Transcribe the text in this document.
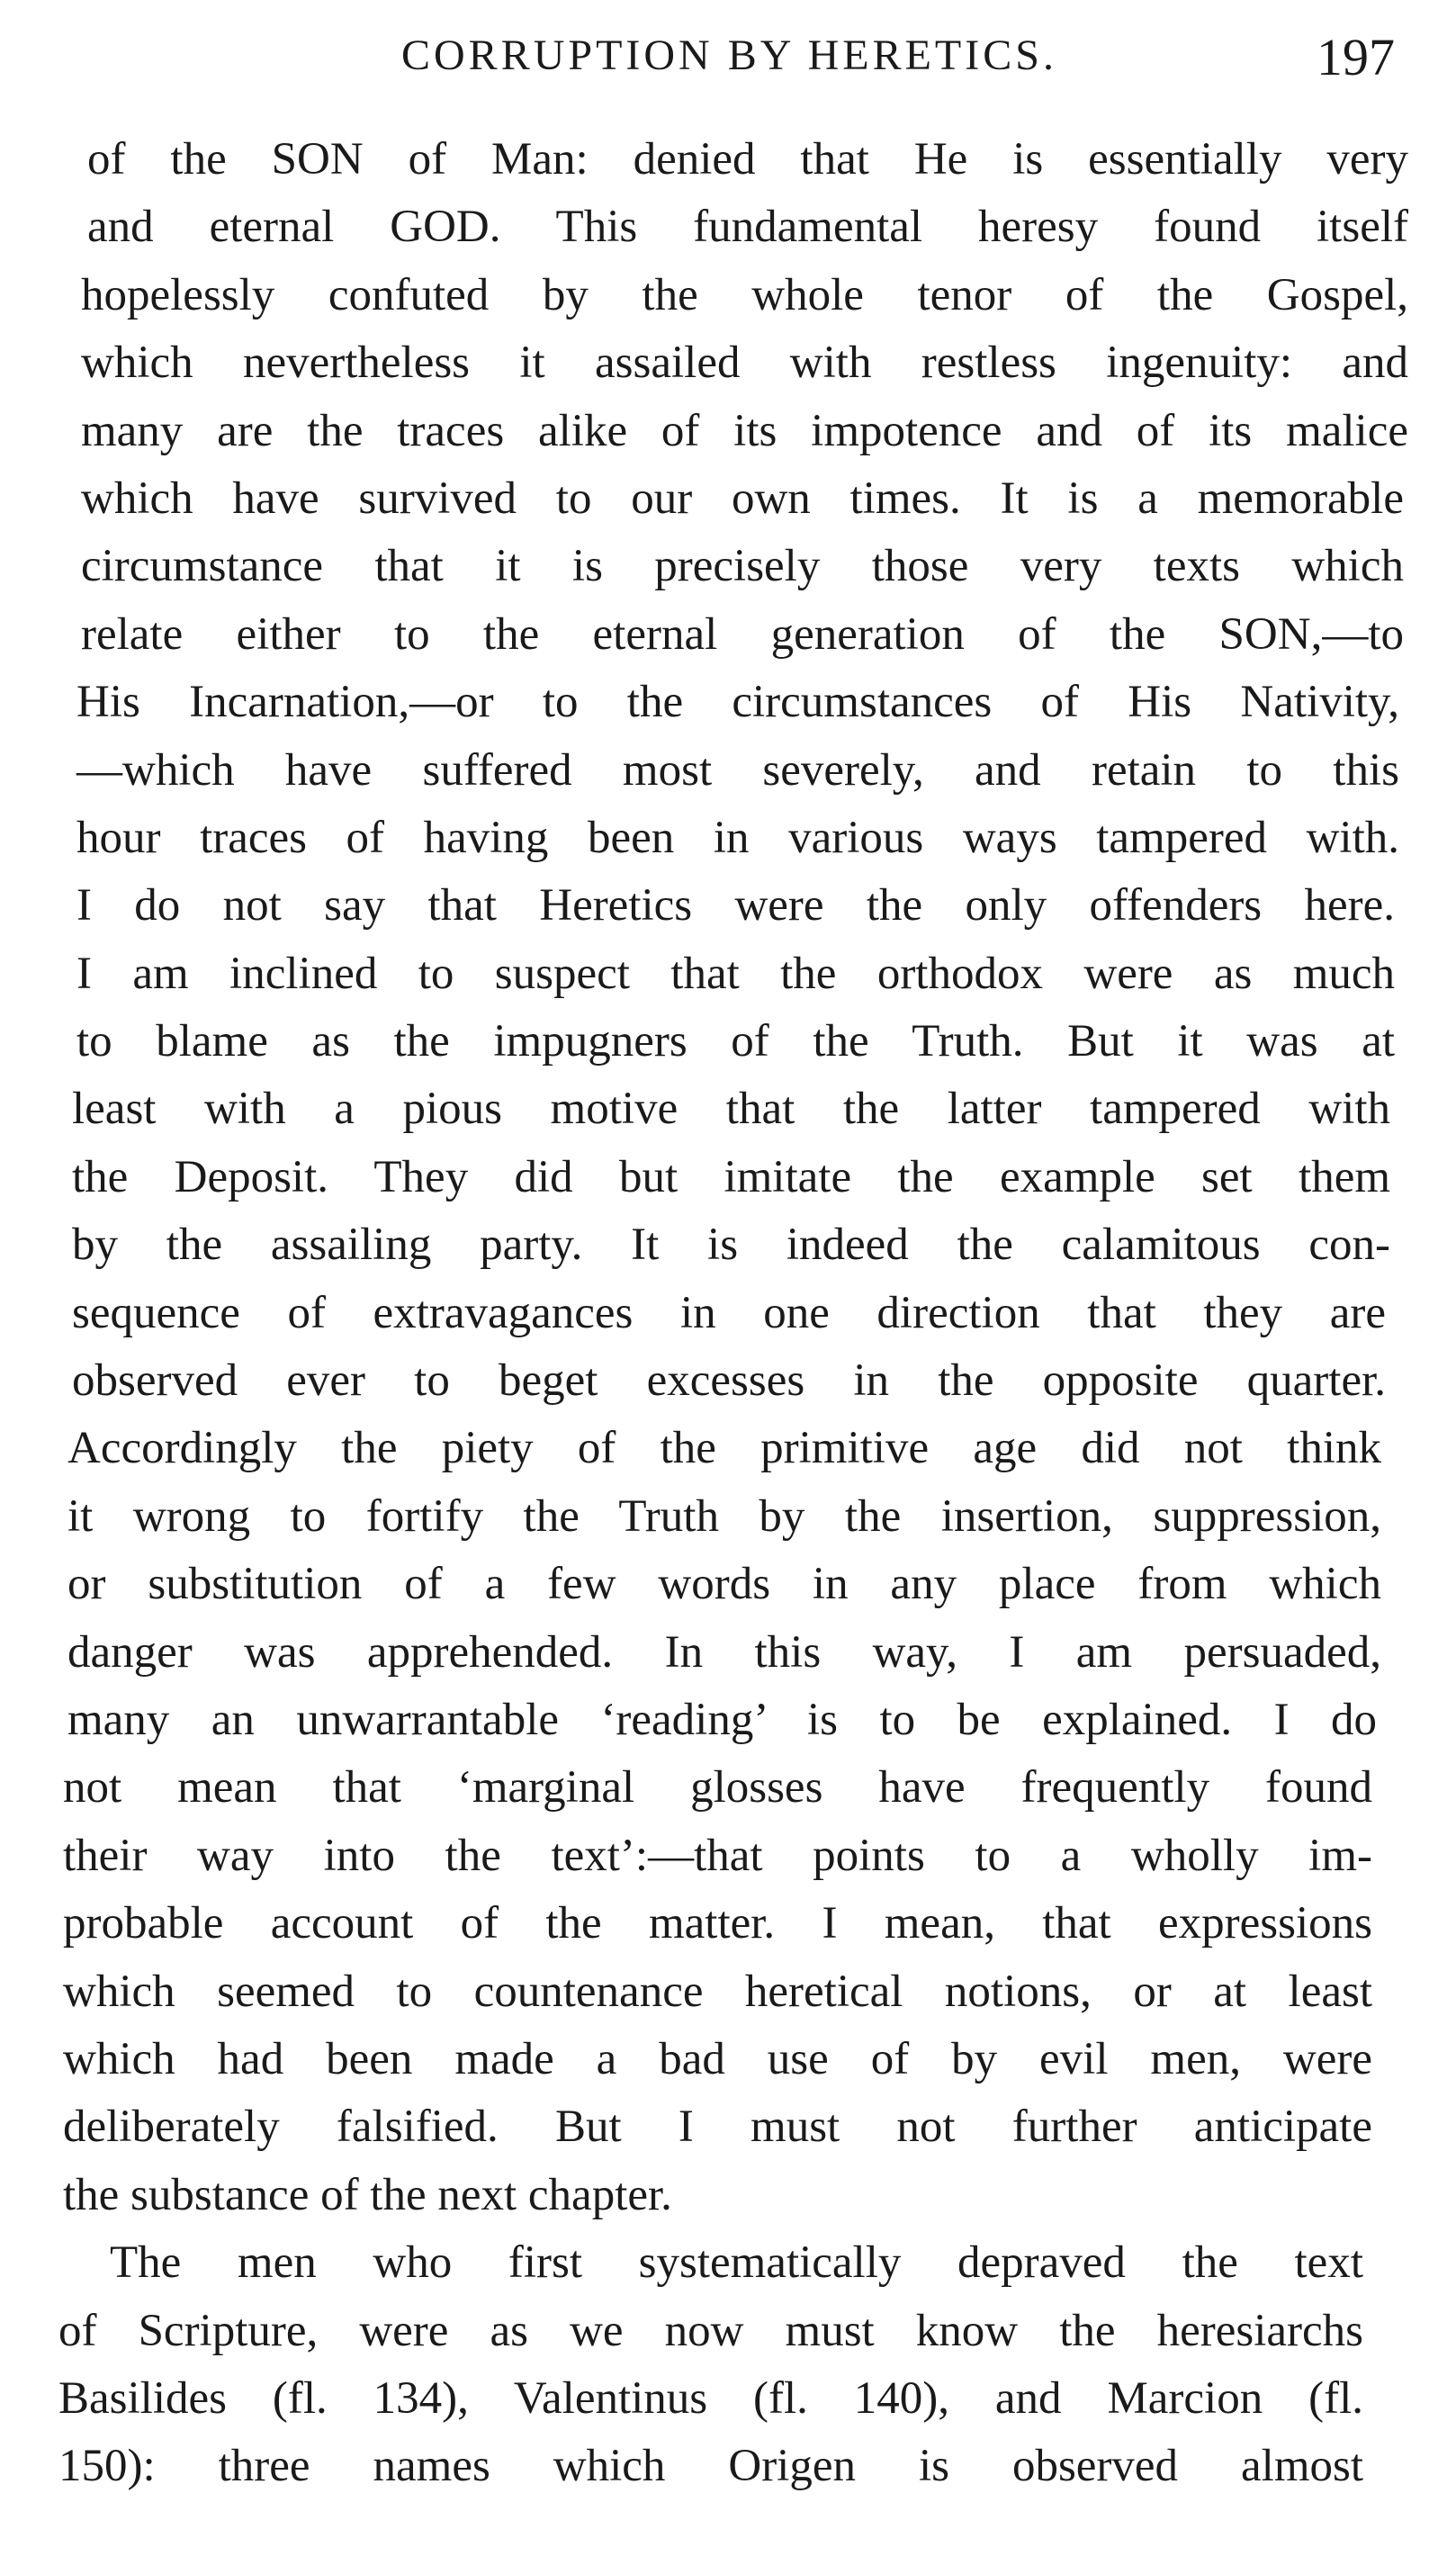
CORRUPTION BY HERETICS.	197
of the SON of Man: denied that He is essentially very
and eternal GOD. This fundamental heresy found itself
hopelessly confuted by the whole tenor of the Gospel,
which nevertheless it assailed with restless ingenuity: and
many are the traces alike of its impotence and of its malice
which have survived to our own times. It is a memorable
circumstance that it is precisely those very texts which
relate either to the eternal generation of the SON,—to
His Incarnation,—or to the circumstances of His Nativity,
—which have suffered most severely, and retain to this
hour traces of having been in various ways tampered with.
I do not say that Heretics were the only offenders here.
I am inclined to suspect that the orthodox were as much
to blame as the impugners of the Truth. But it was at
least with a pious motive that the latter tampered with
the Deposit. They did but imitate the example set them
by the assailing party. It is indeed the calamitous con-
sequence of extravagances in one direction that they are
observed ever to beget excesses in the opposite quarter.
Accordingly the piety of the primitive age did not think
it wrong to fortify the Truth by the insertion, suppression,
or substitution of a few words in any place from which
danger was apprehended. In this way, I am persuaded,
many an unwarrantable ‘reading’ is to be explained. I do
not mean that ‘marginal glosses have frequently found
their way into the text’:—that points to a wholly im-
probable account of the matter. I mean, that expressions
which seemed to countenance heretical notions, or at least
which had been made a bad use of by evil men, were
deliberately falsified. But I must not further anticipate
the substance of the next chapter.
The men who first systematically depraved the text
of Scripture, were as we now must know the heresiarchs
Basilides (fl. 134), Valentinus (fl. 140), and Marcion (fl.
150): three names which Origen is observed almost
